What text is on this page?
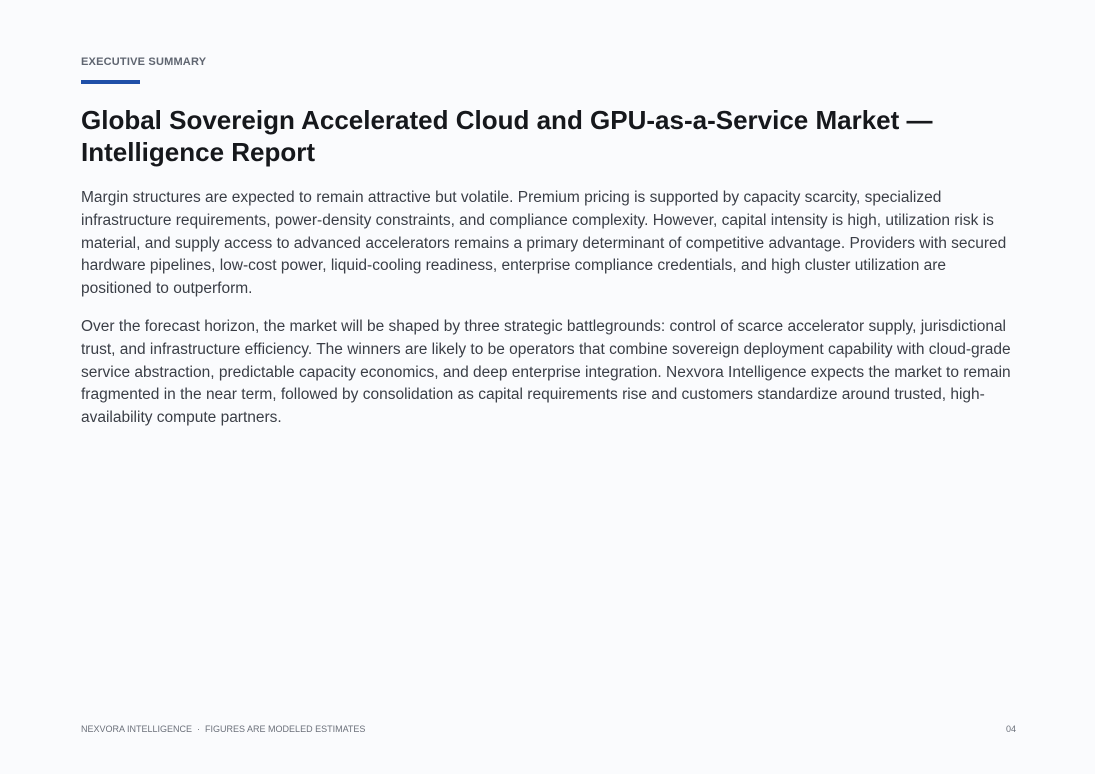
EXECUTIVE SUMMARY
Global Sovereign Accelerated Cloud and GPU-as-a-Service Market — Intelligence Report

Margin structures are expected to remain attractive but volatile. Premium pricing is supported by capacity scarcity, specialized infrastructure requirements, power-density constraints, and compliance complexity. However, capital intensity is high, utilization risk is material, and supply access to advanced accelerators remains a primary determinant of competitive advantage. Providers with secured hardware pipelines, low-cost power, liquid-cooling readiness, enterprise compliance credentials, and high cluster utilization are positioned to outperform.

Over the forecast horizon, the market will be shaped by three strategic battlegrounds: control of scarce accelerator supply, jurisdictional trust, and infrastructure efficiency. The winners are likely to be operators that combine sovereign deployment capability with cloud-grade service abstraction, predictable capacity economics, and deep enterprise integration. Nexvora Intelligence expects the market to remain fragmented in the near term, followed by consolidation as capital requirements rise and customers standardize around trusted, high-availability compute partners.

NEXVORA INTELLIGENCE · FIGURES ARE MODELED ESTIMATES	04
